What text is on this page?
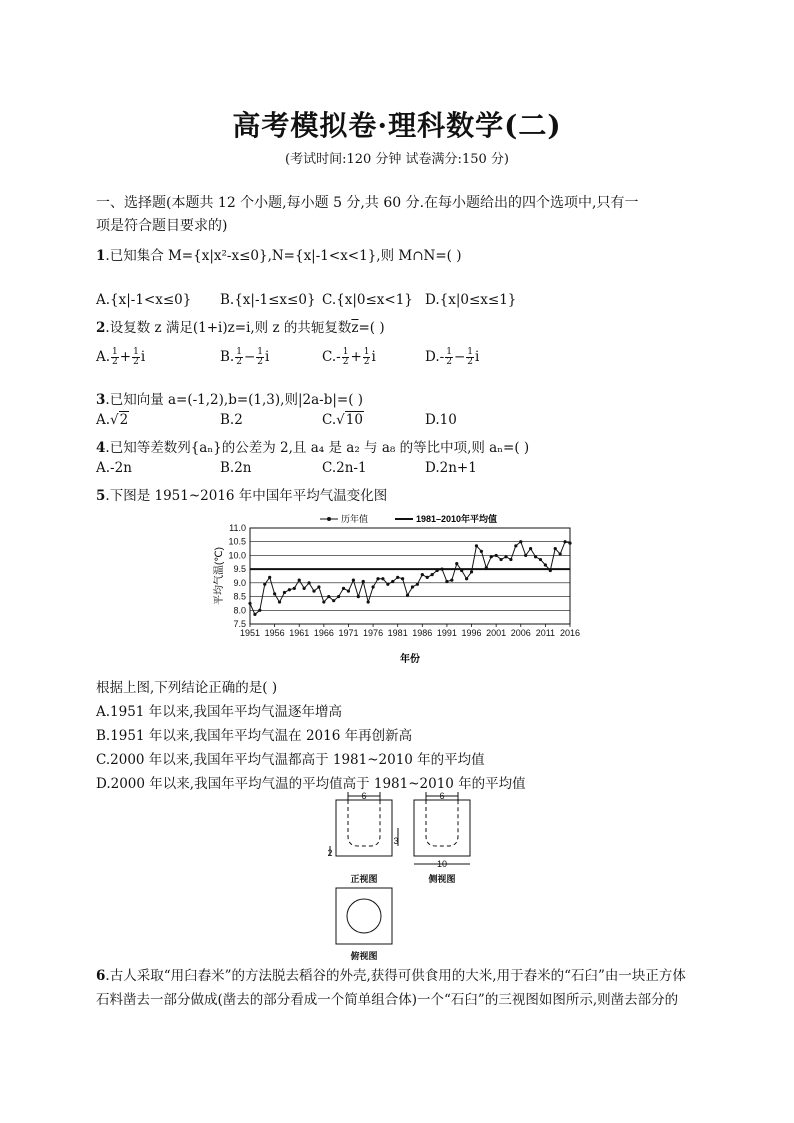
高考模拟卷·理科数学(二)
(考试时间:120 分钟 试卷满分:150 分)
一、选择题(本题共 12 个小题,每小题 5 分,共 60 分.在每小题给出的四个选项中,只有一
项是符合题目要求的)
1.已知集合 M={x|x²-x≤0},N={x|-1<x<1},则 M∩N=( )
A.{x|-1<x≤0} B.{x|-1≤x≤0} C.{x|0≤x<1} D.{x|0≤x≤1}
2.设复数 z 满足(1+i)z=i,则 z 的共轭复数$\overline{z}=$( )
A. $\frac{1}{2} + \frac{1}{2}$ i	B. $\frac{1}{2} - \frac{1}{2}$ i	$C.- \frac{1}{2} + \frac{1}{2}$ i	$D.- \frac{1}{2} - \frac{1}{2}$ i
3.已知向量 a=(-1,2),b=(1,3),则|2a-b|=( )
A.√2	B.2	C.√10	D.10
4.已知等差数列{aₙ}的公差为 2,且 a₄ 是 a₂ 与 a₈ 的等比中项,则 aₙ=( )
A.-2n	B.2n	C.2n-1	D.2n+1
5.下图是 1951~2016 年中国年平均气温变化图
7.5
8.0
8.5
9.0
9.5
10.0
10.5
11.0
1951 1956 1961 1966 1971 1976 1981 1986 1991 1996 2001 2006 2011 2016
平均气温(℃)
年份
历年值	1981–2010年平均值
根据上图,下列结论正确的是( )
A.1951 年以来,我国年平均气温逐年增高
B.1951 年以来,我国年平均气温在 2016 年再创新高
C.2000 年以来,我国年平均气温都高于 1981~2010 年的平均值
D.2000 年以来,我国年平均气温的平均值高于 1981~2010 年的平均值
6
3
2
正视图
6
10
侧视图
俯视图
6.古人采取“用臼舂米”的方法脱去稻谷的外壳,获得可供食用的大米,用于舂米的“石臼”由一块正方体
石料凿去一部分做成(凿去的部分看成一个简单组合体)一个“石臼”的三视图如图所示,则凿去部分的
